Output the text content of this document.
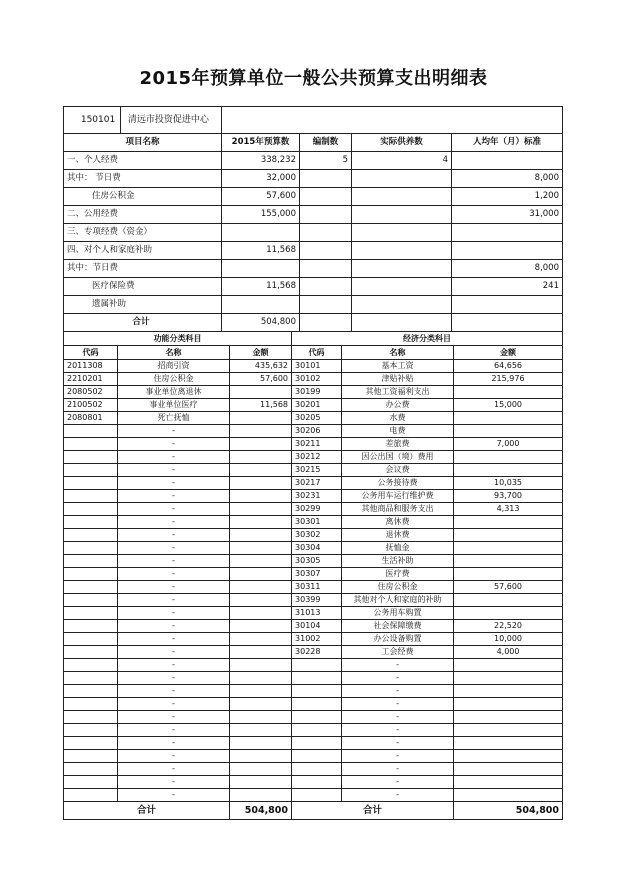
2015年预算单位一般公共预算支出明细表
150101 清远市投资促进中心				
项目名称	2015年预算数	编制数	实际供养数	人均年（月）标准
一、个人经费	338,232	5	4	
其中： 节日费	32,000			8,000
住房公积金	57,600			1,200
二、公用经费	155,000			31,000
三、专项经费（资金）				
四、对个人和家庭补助	11,568			
其中：节日费				8,000
医疗保险费	11,568			241
遗属补助				
合计	504,800			
功能分类科目			经济分类科目		
代码	名称	金额	代码	名称	金额
2011308	招商引资	435,632	30101	基本工资	64,656
2210201	住房公积金	57,600	30102	津贴补贴	215,976
2080502	事业单位离退休		30199	其他工资福利支出	
2100502	事业单位医疗	11,568	30201	办公费	15,000
2080801	死亡抚恤		30205	水费	
	-		30206	电费	
	-		30211	差旅费	7,000
	-		30212	因公出国（境）费用	
	-		30215	会议费	
	-		30217	公务接待费	10,035
	-		30231	公务用车运行维护费	93,700
	-		30299	其他商品和服务支出	4,313
	-		30301	离休费	
	-		30302	退休费	
	-		30304	抚恤金	
	-		30305	生活补助	
	-		30307	医疗费	
	-		30311	住房公积金	57,600
	-		30399	其他对个人和家庭的补助	
	-		31013	公务用车购置	
	-		30104	社会保障缴费	22,520
	-		31002	办公设备购置	10,000
	-		30228	工会经费	4,000
	-			-	
	-			-	
	-			-	
	-			-	
	-			-	
	-			-	
	-			-	
	-			-	
	-			-	
	-			-	
	-			-	
合计		504,800	合计		504,800
